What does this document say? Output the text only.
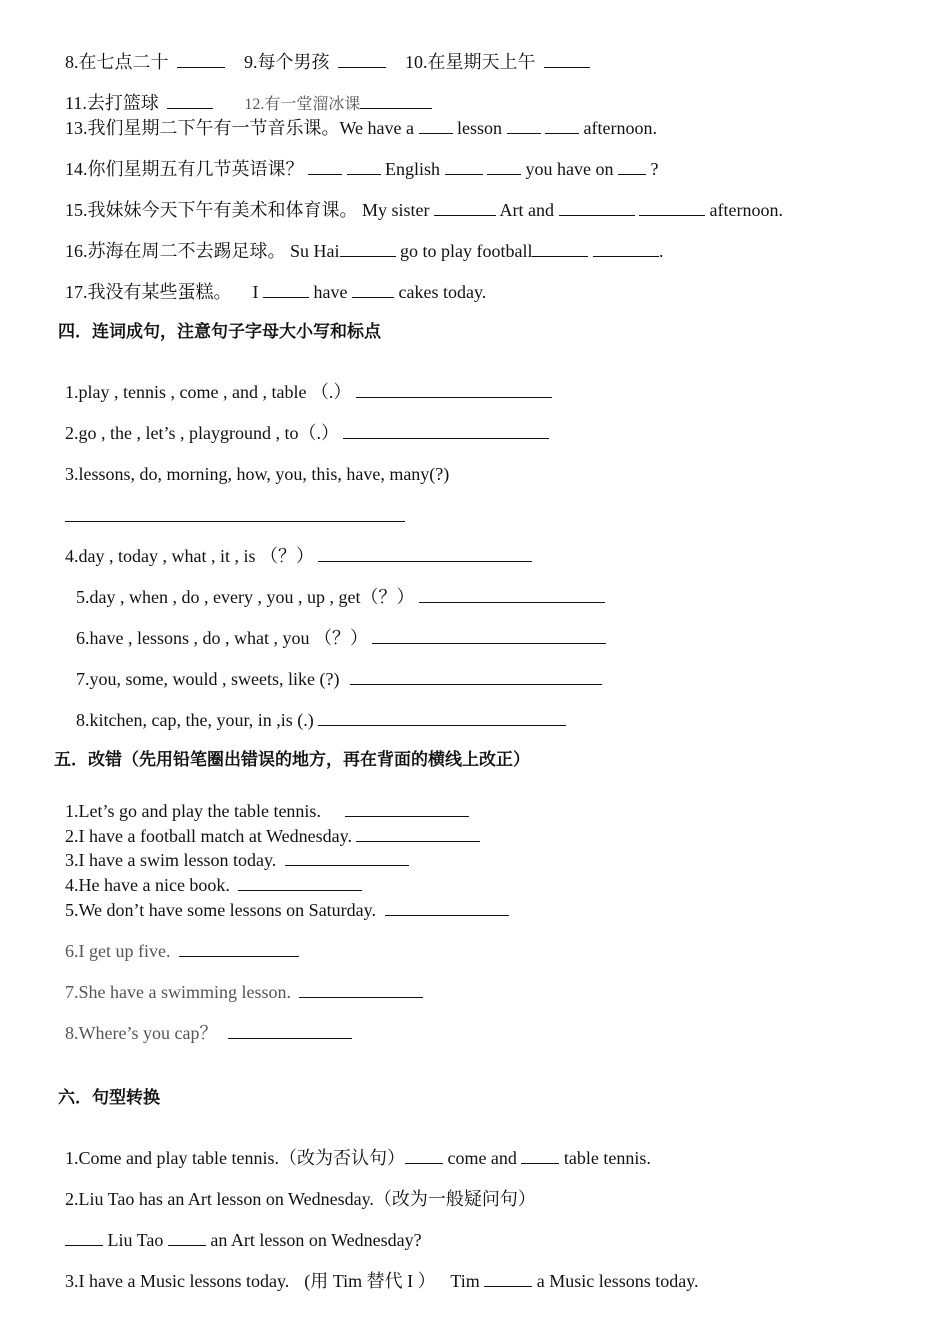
8.在七点二十	9.每个男孩	10.在星期天上午
11.去打篮球	12.有一堂溜冰课
13.我们星期二下午有一节音乐课。We have a lesson	afternoon.
14.你们星期五有几节英语课？	English	you have on ?
15.我妹妹今天下午有美术和体育课。 My sister	Art and	afternoon.
16.苏海在周二不去踢足球。 Su Hai	go to play football	.
17.我没有某些蛋糕。 I	have	cakes today.
四．连词成句，注意句子字母大小写和标点
1.play , tennis , come , and , table （.）
2.go , the , let’s , playground , to（.）
3.lessons, do, morning, how, you, this, have, many(?)
4.day , today , what , it , is （？）
5.day , when , do , every , you , up , get（？）
6.have , lessons , do , what , you （？）
7.you, some, would , sweets, like (?)
8.kitchen, cap, the, your, in ,is (.)
五．改错（先用铅笔圈出错误的地方，再在背面的横线上改正）
1.Let’s go and play the table tennis.
2.I have a football match at Wednesday.
3.I have a swim lesson today.
4.He have a nice book.
5.We don’t have some lessons on Saturday.
6.I get up five.
7.She have a swimming lesson.
8.Where’s you cap？
六．句型转换
1.Come and play table tennis.（改为否认句） come and	table tennis.
2.Liu Tao has an Art lesson on Wednesday.（改为一般疑问句）
Liu Tao	an Art lesson on Wednesday?
3.I have a Music lessons today. (用 Tim 替代 I ） Tim	a Music lessons today.
